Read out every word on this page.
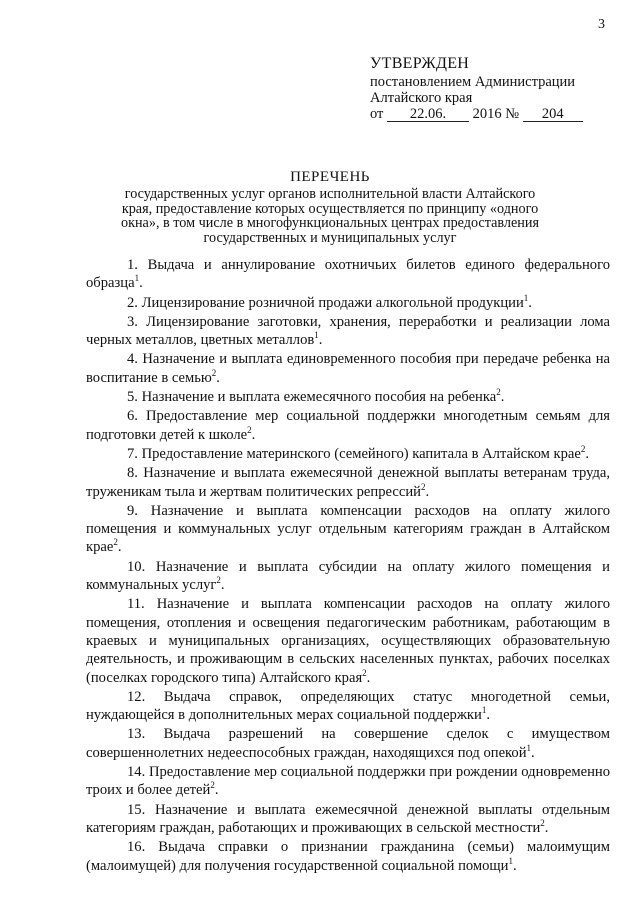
3
УТВЕРЖДЕН
постановлением Администрации
Алтайского края
от 22.06. 2016 № 204
ПЕРЕЧЕНЬ
государственных услуг органов исполнительной власти Алтайского края, предоставление которых осуществляется по принципу «одного окна», в том числе в многофункциональных центрах предоставления государственных и муниципальных услуг

1. Выдача и аннулирование охотничьих билетов единого федерального образца$^1$.

2. Лицензирование розничной продажи алкогольной продукции$^1$.

3. Лицензирование заготовки, хранения, переработки и реализации лома черных металлов, цветных металлов$^1$.

4. Назначение и выплата единовременного пособия при передаче ребенка на воспитание в семью$^2$.

5. Назначение и выплата ежемесячного пособия на ребенка$^2$.

6. Предоставление мер социальной поддержки многодетным семьям для подготовки детей к школе$^2$.

7. Предоставление материнского (семейного) капитала в Алтайском крае$^2$.

8. Назначение и выплата ежемесячной денежной выплаты ветеранам труда, труженикам тыла и жертвам политических репрессий$^2$.

9. Назначение и выплата компенсации расходов на оплату жилого помещения и коммунальных услуг отдельным категориям граждан в Алтайском крае$^2$.

10. Назначение и выплата субсидии на оплату жилого помещения и коммунальных услуг$^2$.

11. Назначение и выплата компенсации расходов на оплату жилого помещения, отопления и освещения педагогическим работникам, работающим в краевых и муниципальных организациях, осуществляющих образовательную деятельность, и проживающим в сельских населенных пунктах, рабочих поселках (поселках городского типа) Алтайского края$^2$.

12. Выдача справок, определяющих статус многодетной семьи, нуждающейся в дополнительных мерах социальной поддержки$^1$.

13. Выдача разрешений на совершение сделок с имуществом совершеннолетних недееспособных граждан, находящихся под опекой$^1$.

14. Предоставление мер социальной поддержки при рождении одновременно троих и более детей$^2$.

15. Назначение и выплата ежемесячной денежной выплаты отдельным категориям граждан, работающих и проживающих в сельской местности$^2$.

16. Выдача справки о признании гражданина (семьи) малоимущим (малоимущей) для получения государственной социальной помощи$^1$.
